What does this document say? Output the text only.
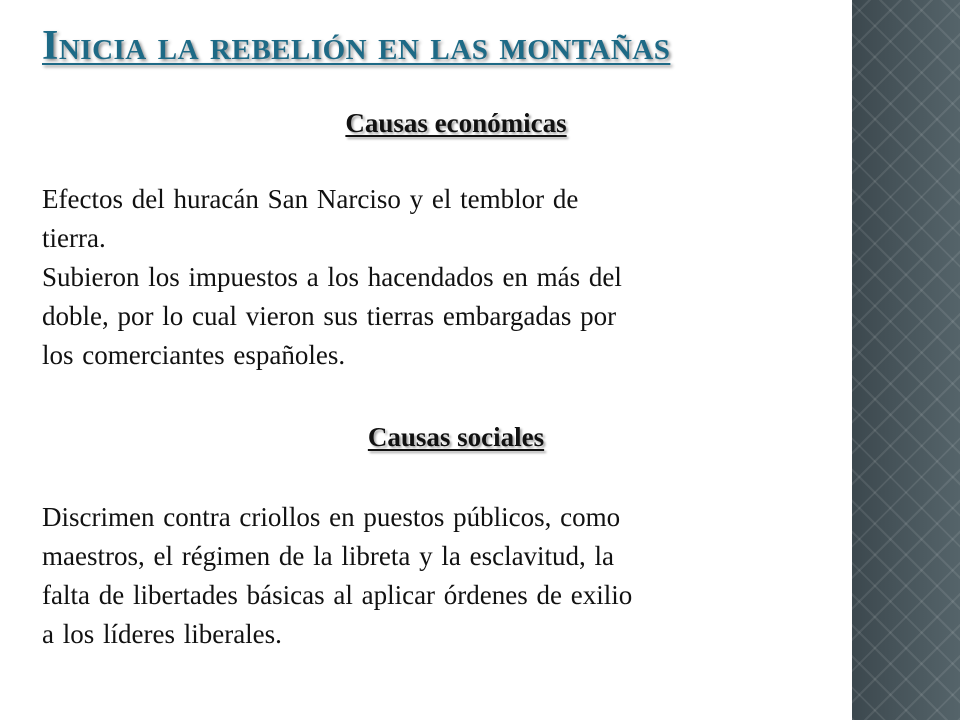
Inicia la rebelión en las montañas
Causas económicas

Efectos del huracán San Narciso y el temblor de
tierra.
Subieron los impuestos a los hacendados en más del
doble, por lo cual vieron sus tierras embargadas por
los comerciantes españoles.

Causas sociales

Discrimen contra criollos en puestos públicos, como
maestros, el régimen de la libreta y la esclavitud, la
falta de libertades básicas al aplicar órdenes de exilio
a los líderes liberales.
